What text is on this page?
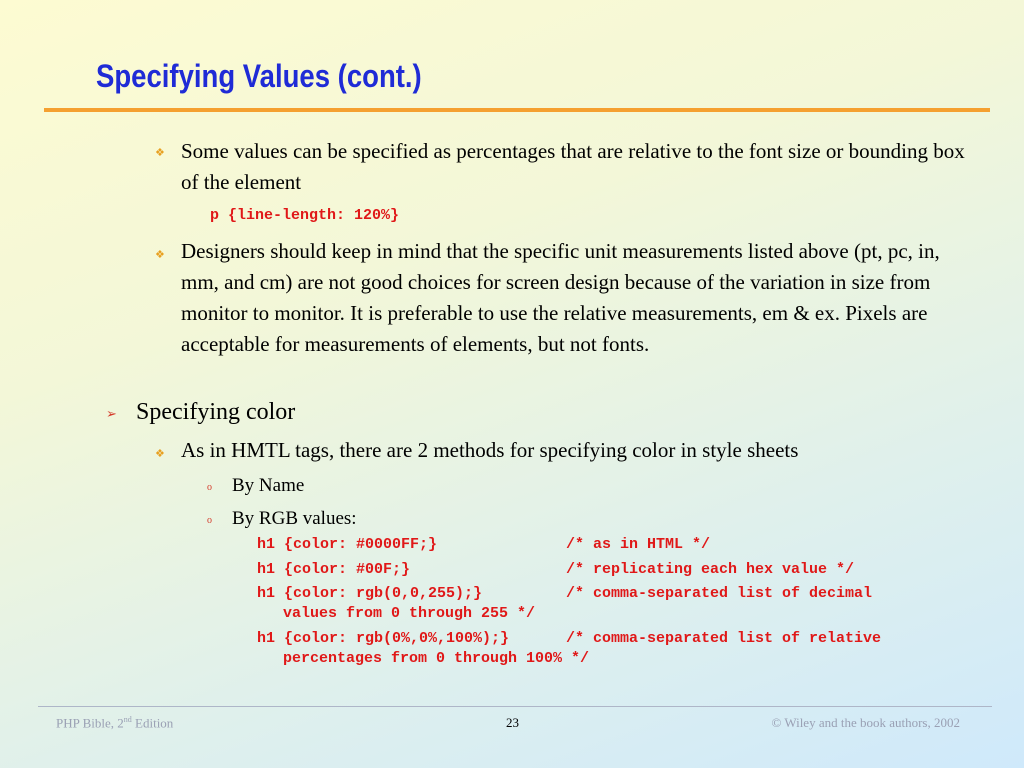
Specifying Values (cont.)
❖ Some values can be specified as percentages that are relative to the font size or bounding box of the element
p {line-length: 120%}
❖ Designers should keep in mind that the specific unit measurements listed above (pt, pc, in, mm, and cm) are not good choices for screen design because of the variation in size from monitor to monitor. It is preferable to use the relative measurements, em & ex. Pixels are acceptable for measurements of elements, but not fonts.
➢ Specifying color
❖ As in HMTL tags, there are 2 methods for specifying color in style sheets
o By Name
o By RGB values:
h1 {color: #0000FF;}	/* as in HTML */
h1 {color: #00F;}	/* replicating each hex value */
h1 {color: rgb(0,0,255);}	/* comma-separated list of decimal
values from 0 through 255 */
h1 {color: rgb(0%,0%,100%);}	/* comma-separated list of relative
percentages from 0 through 100% */
PHP Bible, 2nd Edition	23	© Wiley and the book authors, 2002
